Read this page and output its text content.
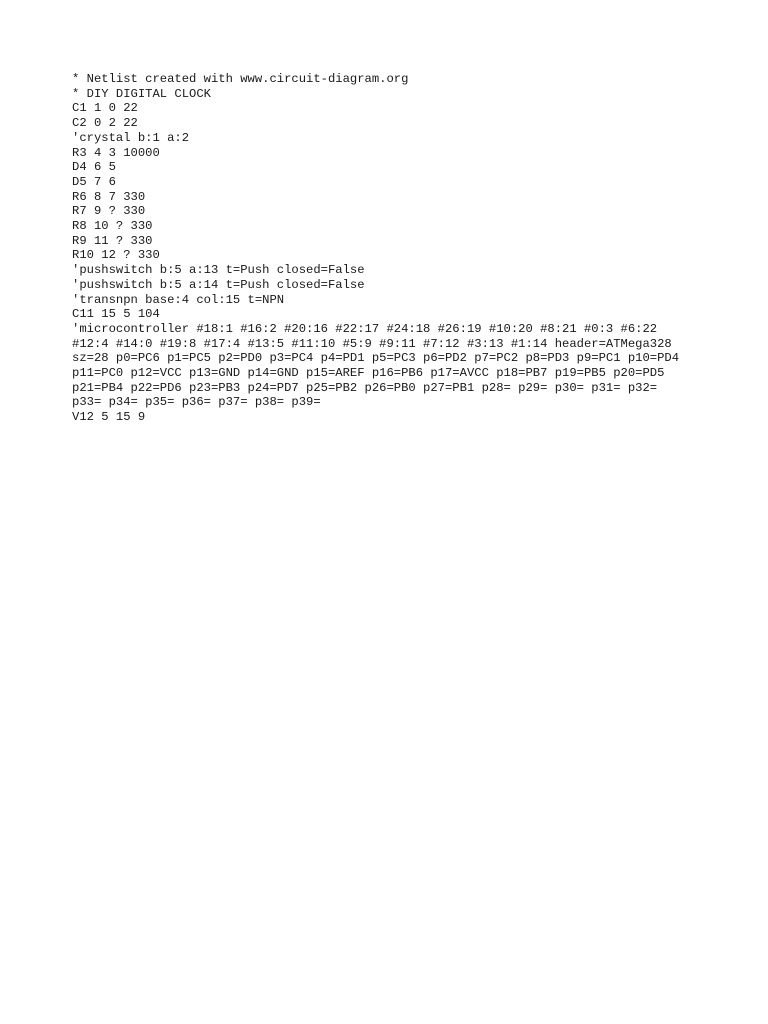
* Netlist created with www.circuit-diagram.org
* DIY DIGITAL CLOCK
C1 1 0 22
C2 0 2 22
'crystal b:1 a:2
R3 4 3 10000
D4 6 5
D5 7 6
R6 8 7 330
R7 9 ? 330
R8 10 ? 330
R9 11 ? 330
R10 12 ? 330
'pushswitch b:5 a:13 t=Push closed=False
'pushswitch b:5 a:14 t=Push closed=False
'transnpn base:4 col:15 t=NPN
C11 15 5 104
'microcontroller #18:1 #16:2 #20:16 #22:17 #24:18 #26:19 #10:20 #8:21 #0:3 #6:22
#12:4 #14:0 #19:8 #17:4 #13:5 #11:10 #5:9 #9:11 #7:12 #3:13 #1:14 header=ATMega328
sz=28 p0=PC6 p1=PC5 p2=PD0 p3=PC4 p4=PD1 p5=PC3 p6=PD2 p7=PC2 p8=PD3 p9=PC1 p10=PD4
p11=PC0 p12=VCC p13=GND p14=GND p15=AREF p16=PB6 p17=AVCC p18=PB7 p19=PB5 p20=PD5
p21=PB4 p22=PD6 p23=PB3 p24=PD7 p25=PB2 p26=PB0 p27=PB1 p28= p29= p30= p31= p32=
p33= p34= p35= p36= p37= p38= p39=
V12 5 15 9
